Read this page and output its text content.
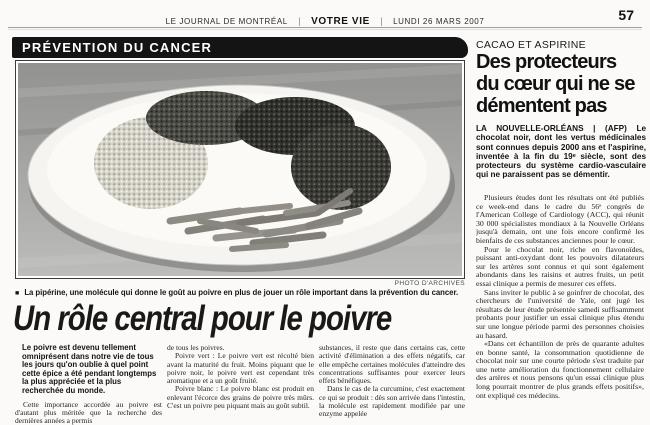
LE JOURNAL DE MONTRÉAL | VOTRE VIE | LUNDI 26 MARS 2007	57
PRÉVENTION DU CANCER
PHOTO D'ARCHIVES
■ La pipérine, une molécule qui donne le goût au poivre en plus de jouer un rôle important dans la prévention du cancer.
Un rôle central pour le poivre

Le poivre est devenu tellement omniprésent dans notre vie de tous les jours qu'on oublie à quel point cette épice a été pendant longtemps la plus appréciée et la plus recherchée du monde.

Cette importance accordée au poivre est d'autant plus méritée que la recherche des dernières années a permis

de tous les poivres.

Poivre vert : Le poivre vert est récolté bien avant la maturité du fruit. Moins piquant que le poivre noir, le poivre vert est cependant très aromatique et a un goût fruité.

Poivre blanc : Le poivre blanc est produit en enlevant l'écorce des grains de poivre très mûrs. C'est un poivre peu piquant mais au goût subtil.

substances, il reste que dans certains cas, cette activité d'élimination a des effets négatifs, car elle empêche certaines molécules d'atteindre des concentrations suffisantes pour exercer leurs effets bénéfiques.

Dans le cas de la curcumine, c'est exactement ce qui se produit : dès son arrivée dans l'intestin, la molécule est rapidement modifiée par une enzyme appelée

CACAO ET ASPIRINE
Des protecteurs du cœur qui ne se démentent pas
LA NOUVELLE-ORLÉANS | (AFP) Le chocolat noir, dont les vertus médicinales sont connues depuis 2000 ans et l'aspirine, inventée à la fin du 19ᵉ siècle, sont des protecteurs du système cardio-vasculaire qui ne paraissent pas se démentir.

Plusieurs études dont les résultats ont été publiés ce week-end dans le cadre du 56ᵉ congrès de l'American College of Cardiology (ACC), qui réunit 30 000 spécialistes mondiaux à la Nouvelle Orléans jusqu'à demain, ont une fois encore confirmé les bienfaits de ces substances anciennes pour le cœur.

Pour le chocolat noir, riche en flavonoïdes, puissant anti-oxydant dont les pouvoirs dilatateurs sur les artères sont connus et qui sont également abondants dans les raisins et autres fruits, un petit essai clinique a permis de mesurer ces effets.

Sans inviter le public à se goinfrer de chocolat, des chercheurs de l'université de Yale, ont jugé les résultats de leur étude présentée samedi suffisamment probants pour justifier un essai clinique plus étendu sur une longue période parmi des personnes choisies au hasard.

«Dans cet échantillon de près de quarante adultes en bonne santé, la consommation quotidienne de chocolat noir sur une courte période s'est traduite par une nette amélioration du fonctionnement cellulaire des artères et nous pensons qu'un essai clinique plus long pourrait montrer de plus grands effets positifs», ont expliqué ces médecins.
